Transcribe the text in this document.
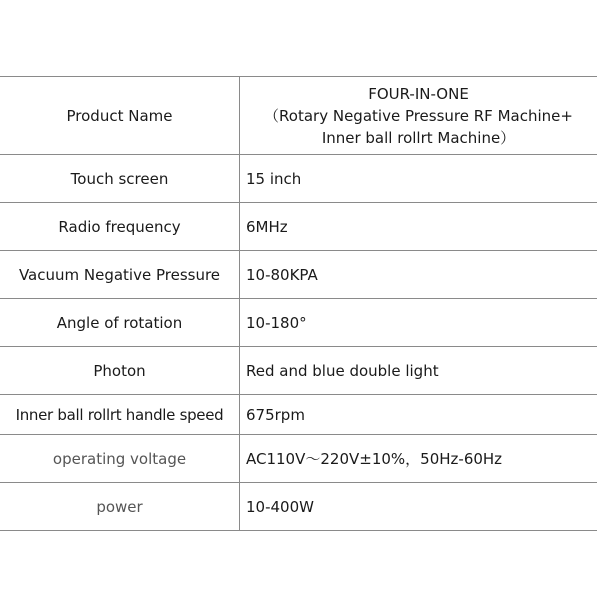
Product Name	FOUR-IN-ONE
（Rotary Negative Pressure RF Machine+
Inner ball rollrt Machine）

Touch screen	15 inch
Radio frequency	6MHz
Vacuum Negative Pressure	10-80KPA
Angle of rotation	10-180°
Photon	Red and blue double light
Inner ball rollrt handle speed	675rpm
operating voltage	AC110V～220V±10%，50Hz-60Hz
power	10-400W
